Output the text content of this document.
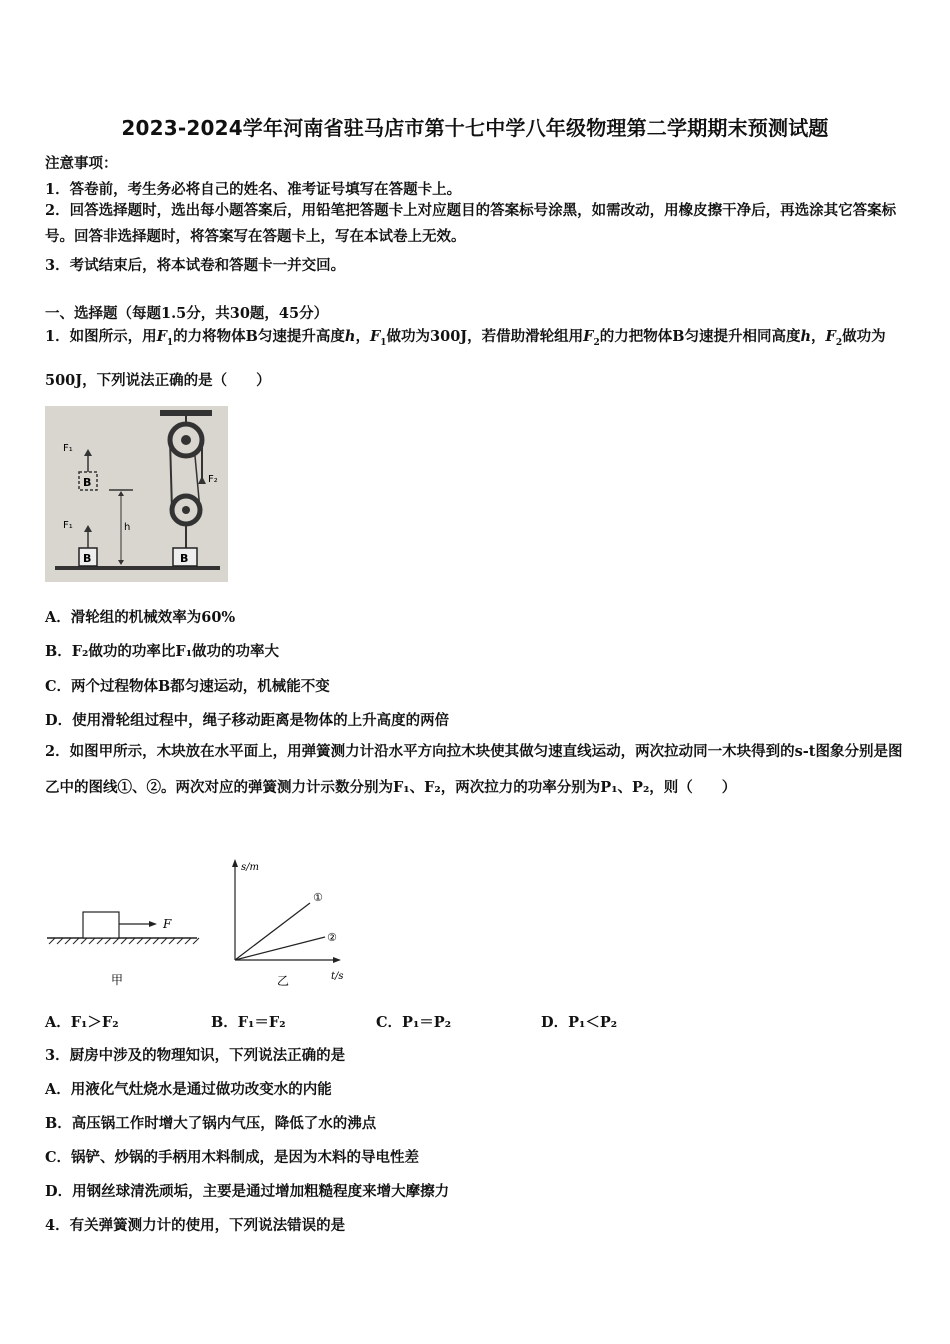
2023-2024学年河南省驻马店市第十七中学八年级物理第二学期期末预测试题
注意事项：
1．答卷前，考生务必将自己的姓名、准考证号填写在答题卡上。
2．回答选择题时，选出每小题答案后，用铅笔把答题卡上对应题目的答案标号涂黑，如需改动，用橡皮擦干净后，再选涂其它答案标号。回答非选择题时，将答案写在答题卡上，写在本试卷上无效。
3．考试结束后，将本试卷和答题卡一并交回。
一、选择题（每题1.5分，共30题，45分）
1．如图所示，用$F_1$的力将物体B匀速提升高度h，$F_1$做功为300J，若借助滑轮组用$F_2$的力把物体B匀速提升相同高度h，$F_2$做功为500J，下列说法正确的是（　　）
B
F₁
B
F₁	h
F₂
B
A．滑轮组的机械效率为60%
B．F₂做功的功率比F₁做功的功率大
C．两个过程物体B都匀速运动，机械能不变
D．使用滑轮组过程中，绳子移动距离是物体的上升高度的两倍
2．如图甲所示，木块放在水平面上，用弹簧测力计沿水平方向拉木块使其做匀速直线运动，两次拉动同一木块得到的s-t图象分别是图乙中的图线①、②。两次对应的弹簧测力计示数分别为F₁、F₂，两次拉力的功率分别为P₁、P₂，则（　　）
F
甲
s/m
t/s
①
②
乙
A．F₁＞F₂	B．F₁＝F₂	C．P₁＝P₂	D．P₁＜P₂
3．厨房中涉及的物理知识，下列说法正确的是
A．用液化气灶烧水是通过做功改变水的内能
B．高压锅工作时增大了锅内气压，降低了水的沸点
C．锅铲、炒锅的手柄用木料制成，是因为木料的导电性差
D．用钢丝球清洗顽垢，主要是通过增加粗糙程度来增大摩擦力
4．有关弹簧测力计的使用，下列说法错误的是
